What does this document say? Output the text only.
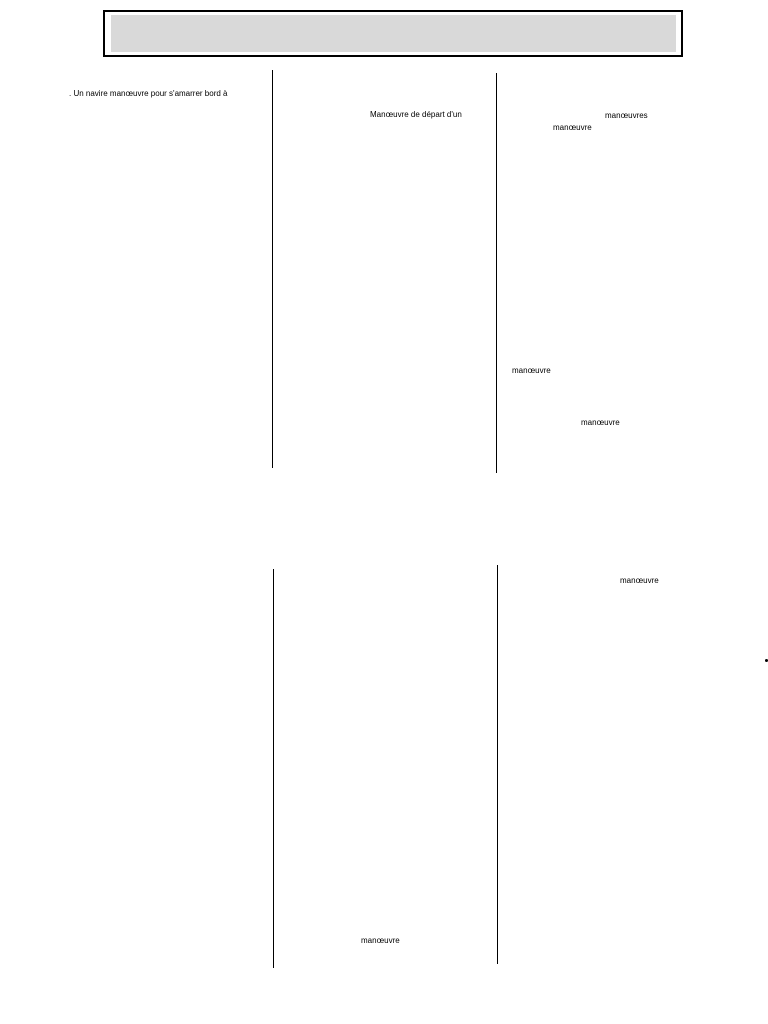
. Un navire manœuvre pour s'amarrer bord à
Manœuvre de départ d'un	manœuvres
manœuvre
manœuvre
manœuvre
manœuvre
manœuvre
